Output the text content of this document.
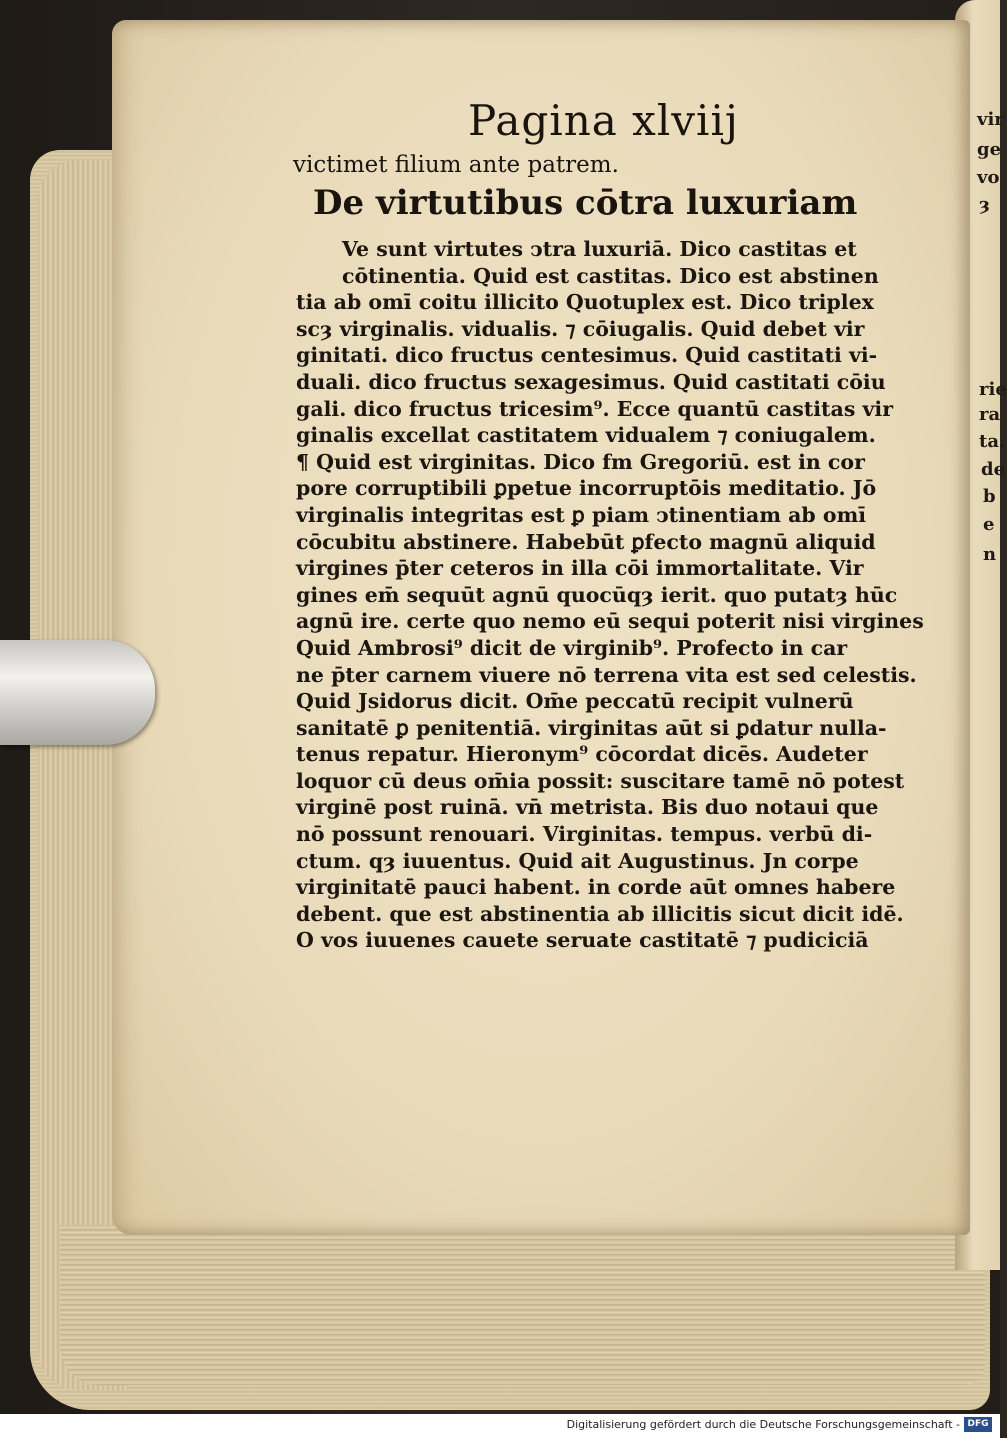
vir
ge
vo
ȝ
rie
ra
ta.
de
b
e
n
Pagina xlviij
victimet filium ante patrem.
De virtutibus cōtra luxuriam
Ve sunt virtutes ↄtra luxuriā. Dico castitas et
cōtinentia. Quid est castitas. Dico est abstinen
tia ab omī coitu illicito Quotuplex est. Dico triplex
scȝ virginalis. vidualis. ⁊ cōiugalis. Quid debet vir
ginitati. dico fructus centesimus. Quid castitati vi-
duali. dico fructus sexagesimus. Quid castitati cōiu
gali. dico fructus tricesim⁹. Ecce quantū castitas vir
ginalis excellat castitatem vidualem ⁊ coniugalem.
¶ Quid est virginitas. Dico fm Gregoriū. est in cor
pore corruptibili ꝑpetue incorruptōis meditatio. Jō
virginalis integritas est ꝑ piam ↄtinentiam ab omī
cōcubitu abstinere. Habebūt ꝑfecto magnū aliquid
virgines p̄ter ceteros in illa cōi immortalitate. Vir
gines em̄ sequūt agnū quocūqȝ ierit. quo putatȝ hūc
agnū ire. certe quo nemo eū sequi poterit nisi virgines
Quid Ambrosi⁹ dicit de virginib⁹. Profecto in car
ne p̄ter carnem viuere nō terrena vita est sed celestis.
Quid Jsidorus dicit. Om̄e peccatū recipit vulnerū
sanitatē ꝑ penitentiā. virginitas aūt si ꝑdatur nulla-
tenus repatur. Hieronym⁹ cōcordat dicēs. Audeter
loquor cū deus om̄ia possit: suscitare tamē nō potest
virginē post ruinā. vn̄ metrista. Bis duo notaui que
nō possunt renouari. Virginitas. tempus. verbū di-
ctum. qȝ iuuentus. Quid ait Augustinus. Jn corpe
virginitatē pauci habent. in corde aūt omnes habere
debent. que est abstinentia ab illicitis sicut dicit idē.
O vos iuuenes cauete seruate castitatē ⁊ pudiciciā
Digitalisierung gefördert durch die Deutsche Forschungsgemeinschaft - DFG
